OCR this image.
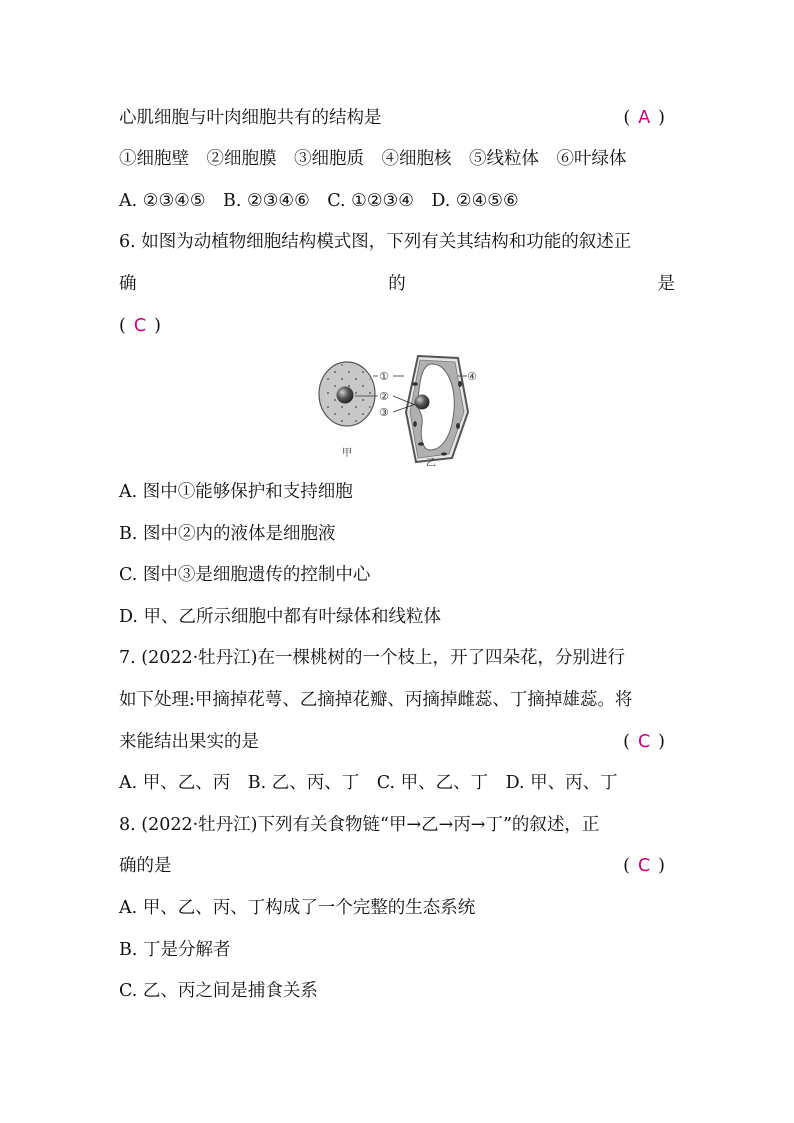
心肌细胞与叶肉细胞共有的结构是	( A )
①细胞壁　②细胞膜　③细胞质　④细胞核　⑤线粒体　⑥叶绿体
A. ②③④⑤　B. ②③④⑥　C. ①②③④　D. ②④⑤⑥
6. 如图为动植物细胞结构模式图，下列有关其结构和功能的叙述正
确	的	是
( C )
①
②
③
④
甲
乙
A. 图中①能够保护和支持细胞
B. 图中②内的液体是细胞液
C. 图中③是细胞遗传的控制中心
D. 甲、乙所示细胞中都有叶绿体和线粒体
7. (2022·牡丹江)在一棵桃树的一个枝上，开了四朵花，分别进行
如下处理:甲摘掉花萼、乙摘掉花瓣、丙摘掉雌蕊、丁摘掉雄蕊。将
来能结出果实的是	( C )
A. 甲、乙、丙　B. 乙、丙、丁　C. 甲、乙、丁　D. 甲、丙、丁
8. (2022·牡丹江)下列有关食物链“甲→乙→丙→丁”的叙述，正
确的是	( C )
A. 甲、乙、丙、丁构成了一个完整的生态系统
B. 丁是分解者
C. 乙、丙之间是捕食关系
